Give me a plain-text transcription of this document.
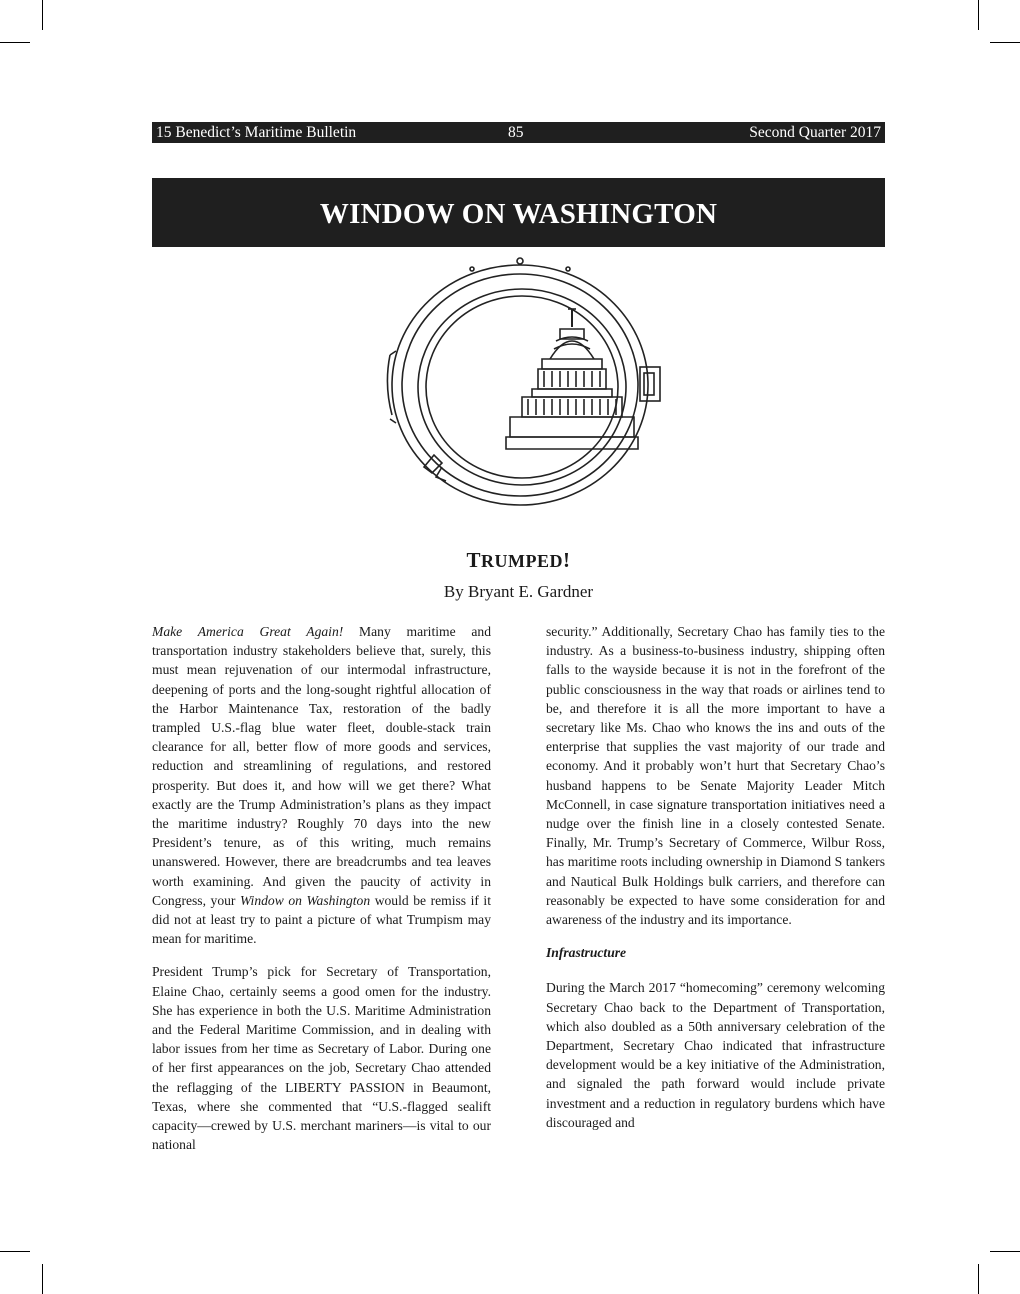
15 Benedict’s Maritime Bulletin	85	Second Quarter 2017
WINDOW ON WASHINGTON
TRUMPED!
By Bryant E. Gardner

Make America Great Again! Many maritime and transportation industry stakeholders believe that, surely, this must mean rejuvenation of our intermodal infrastructure, deepening of ports and the long-sought rightful allocation of the Harbor Maintenance Tax, restoration of the badly trampled U.S.-flag blue water fleet, double-stack train clearance for all, better flow of more goods and services, reduction and streamlining of regulations, and restored prosperity. But does it, and how will we get there? What exactly are the Trump Administration’s plans as they impact the maritime industry? Roughly 70 days into the new President’s tenure, as of this writing, much remains unanswered. However, there are breadcrumbs and tea leaves worth examining. And given the paucity of activity in Congress, your Window on Washington would be remiss if it did not at least try to paint a picture of what Trumpism may mean for maritime.

President Trump’s pick for Secretary of Transportation, Elaine Chao, certainly seems a good omen for the industry. She has experience in both the U.S. Maritime Administration and the Federal Maritime Commission, and in dealing with labor issues from her time as Secretary of Labor. During one of her first appearances on the job, Secretary Chao attended the reflagging of the LIBERTY PASSION in Beaumont, Texas, where she commented that “U.S.-flagged sealift capacity—crewed by U.S. merchant mariners—is vital to our national

security.” Additionally, Secretary Chao has family ties to the industry. As a business-to-business industry, shipping often falls to the wayside because it is not in the forefront of the public consciousness in the way that roads or airlines tend to be, and therefore it is all the more important to have a secretary like Ms. Chao who knows the ins and outs of the enterprise that supplies the vast majority of our trade and economy. And it probably won’t hurt that Secretary Chao’s husband happens to be Senate Majority Leader Mitch McConnell, in case signature transportation initiatives need a nudge over the finish line in a closely contested Senate. Finally, Mr. Trump’s Secretary of Commerce, Wilbur Ross, has maritime roots including ownership in Diamond S tankers and Nautical Bulk Holdings bulk carriers, and therefore can reasonably be expected to have some consideration for and awareness of the industry and its importance.

Infrastructure

During the March 2017 “homecoming” ceremony welcoming Secretary Chao back to the Department of Transportation, which also doubled as a 50th anniversary celebration of the Department, Secretary Chao indicated that infrastructure development would be a key initiative of the Administration, and signaled the path forward would include private investment and a reduction in regulatory burdens which have discouraged and
